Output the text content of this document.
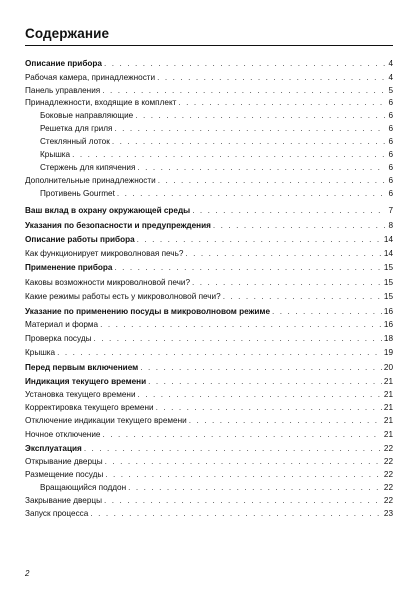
Содержание
Описание прибора . . .	4
Рабочая камера, принадлежности . . .	4
Панель управления . . .	5
Принадлежности, входящие в комплект . . .	6
Боковые направляющие . . .	6
Решетка для гриля . . .	6
Стеклянный лоток . . .	6
Крышка . . .	6
Стержень для кипячения . . .	6
Дополнительные принадлежности . . .	6
Противень Gourmet . . .	6
Ваш вклад в охрану окружающей среды . . .	7
Указания по безопасности и предупреждения . . .	8
Описание работы прибора . . .	14
Как функционирует микроволновая печь? . . .	14
Применение прибора . . .	15
Каковы возможности микроволновой печи? . . .	15
Какие режимы работы есть у микроволновой печи? . . .	15
Указание по применению посуды в микроволновом режиме . . .	16
Материал и форма . . .	16
Проверка посуды . . .	18
Крышка . . .	19
Перед первым включением . . .	20
Индикация текущего времени . . .	21
Установка текущего времени . . .	21
Корректировка текущего времени . . .	21
Отключение индикации текущего времени . . .	21
Ночное отключение . . .	21
Эксплуатация . . .	22
Открывание дверцы . . .	22
Размещение посуды . . .	22
Вращающийся поддон . . .	22
Закрывание дверцы . . .	22
Запуск процесса . . .	23
2
